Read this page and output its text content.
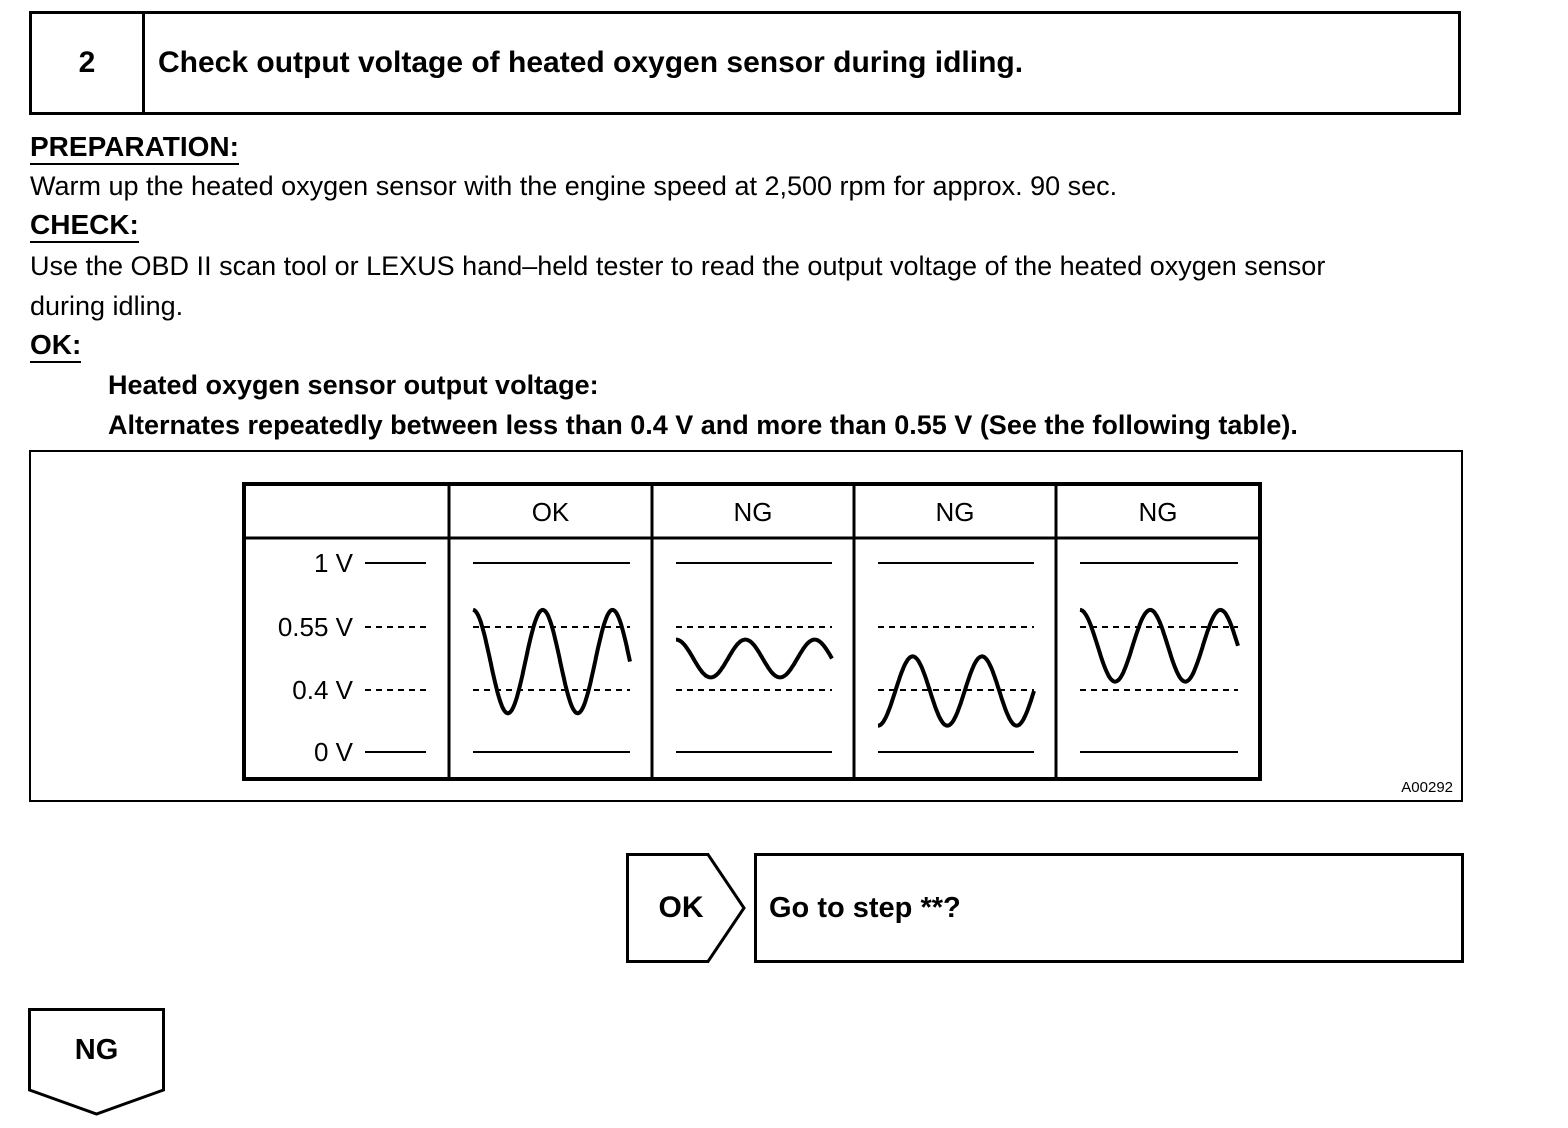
2	Check output voltage of heated oxygen sensor during idling.
PREPARATION:
Warm up the heated oxygen sensor with the engine speed at 2,500 rpm for approx. 90 sec.
CHECK:
Use the OBD II scan tool or LEXUS hand–held tester to read the output voltage of the heated oxygen sensor
during idling.
OK:
Heated oxygen sensor output voltage:
Alternates repeatedly between less than 0.4 V and more than 0.55 V (See the following table).
OK	NG	NG	NG
1 V
0.55 V
0.4 V
0 V
A00292
OK	Go to step **?
NG
